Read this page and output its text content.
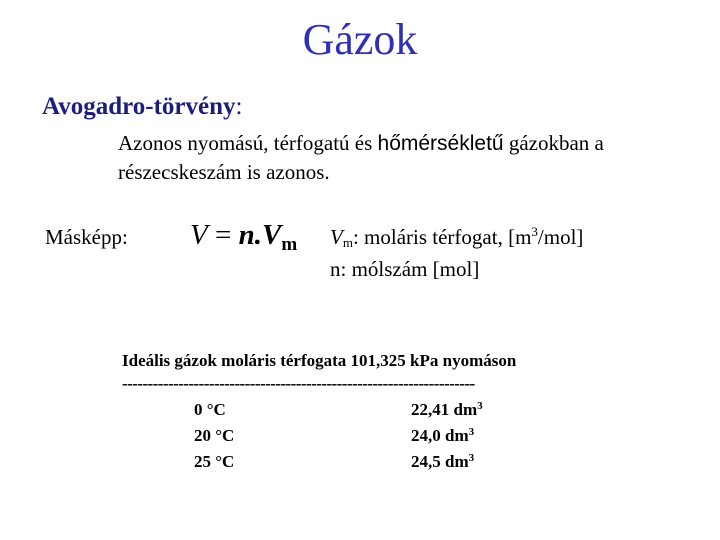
Gázok
Avogadro-törvény:
Azonos nyomású, térfogatú és hőmérsékletű gázokban a
részecskeszám is azonos.
Másképp: $V = n.V_m$ $V_m$: moláris térfogat, $[m^3/mol]$
n: mólszám [mol]
Ideális gázok moláris térfogata 101,325 kPa nyomáson
---------------------------------------------------------------------
0 °C	22,41 $dm^3$
20 °C	24,0 $dm^3$
25 °C	24,5 $dm^3$
